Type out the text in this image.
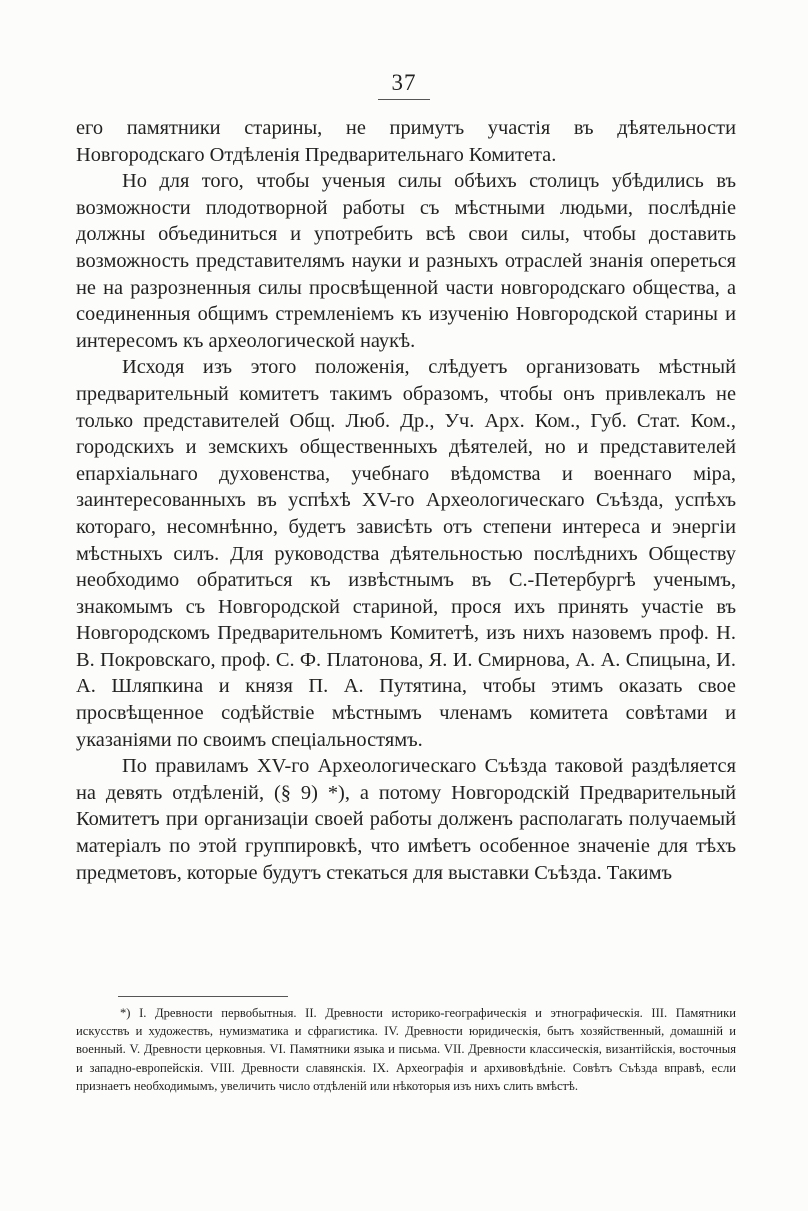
37

его памятники старины, не примутъ участія въ дѣятельности Новгородскаго Отдѣленія Предварительнаго Комитета.

Но для того, чтобы ученыя силы обѣихъ столицъ убѣдились въ возможности плодотворной работы съ мѣстными людьми, послѣдніе должны объединиться и употребить всѣ свои силы, чтобы доставить возможность представителямъ науки и разныхъ отраслей знанія опереться не на разрозненныя силы просвѣщенной части новгородскаго общества, а соединенныя общимъ стремленіемъ къ изученію Новгородской старины и интересомъ къ археологической наукѣ.

Исходя изъ этого положенія, слѣдуетъ организовать мѣстный предварительный комитетъ такимъ образомъ, чтобы онъ привлекалъ не только представителей Общ. Люб. Др., Уч. Арх. Ком., Губ. Стат. Ком., городскихъ и земскихъ общественныхъ дѣятелей, но и представителей епархіальнаго духовенства, учебнаго вѣдомства и военнаго міра, заинтересованныхъ въ успѣхѣ XV-го Археологическаго Съѣзда, успѣхъ котораго, несомнѣнно, будетъ зависѣть отъ степени интереса и энергіи мѣстныхъ силъ. Для руководства дѣятельностью послѣднихъ Обществу необходимо обратиться къ извѣстнымъ въ С.-Петербургѣ ученымъ, знакомымъ съ Новгородской стариной, прося ихъ принять участіе въ Новгородскомъ Предварительномъ Комитетѣ, изъ нихъ назовемъ проф. Н. В. Покровскаго, проф. С. Ф. Платонова, Я. И. Смирнова, А. А. Спицына, И. А. Шляпкина и князя П. А. Путятина, чтобы этимъ оказать свое просвѣщенное содѣйствіе мѣстнымъ членамъ комитета совѣтами и указаніями по своимъ спеціальностямъ.

По правиламъ XV-го Археологическаго Съѣзда таковой раздѣляется на девять отдѣленій, (§ 9) *), а потому Новгородскій Предварительный Комитетъ при организаціи своей работы долженъ располагать получаемый матеріалъ по этой группировкѣ, что имѣетъ особенное значеніе для тѣхъ предметовъ, которые будутъ стекаться для выставки Съѣзда. Такимъ

*) I. Древности первобытныя. II. Древности историко-географическія и этнографическія. III. Памятники искусствъ и художествъ, нумизматика и сфрагистика. IV. Древности юридическія, бытъ хозяйственный, домашній и военный. V. Древности церковныя. VI. Памятники языка и письма. VII. Древности классическія, византійскія, восточныя и западно-европейскія. VIII. Древности славянскія. IX. Археографія и архивовѣдѣніе. Совѣтъ Съѣзда вправѣ, если признаетъ необходимымъ, увеличить число отдѣленій или нѣкоторыя изъ нихъ слить вмѣстѣ.
